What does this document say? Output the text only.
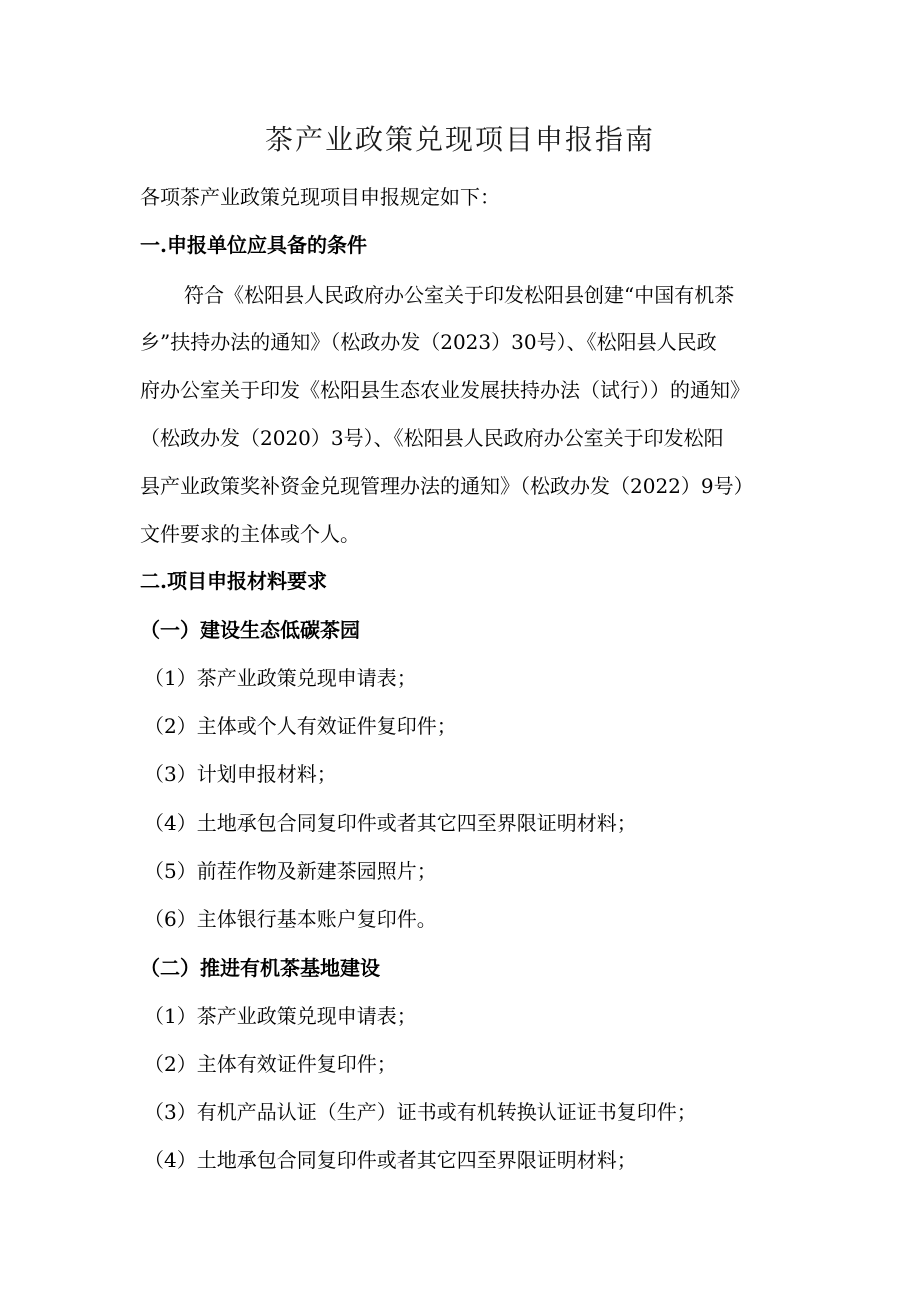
茶产业政策兑现项目申报指南
各项茶产业政策兑现项目申报规定如下：
一.申报单位应具备的条件
符合《松阳县人民政府办公室关于印发松阳县创建“中国有机茶
乡”扶持办法的通知》（松政办发（2023）30号）、《松阳县人民政
府办公室关于印发《松阳县生态农业发展扶持办法（试行））的通知》
（松政办发（2020）3号）、《松阳县人民政府办公室关于印发松阳
县产业政策奖补资金兑现管理办法的通知》（松政办发（2022）9号）
文件要求的主体或个人。
二.项目申报材料要求
（一）建设生态低碳茶园
（1）茶产业政策兑现申请表；
（2）主体或个人有效证件复印件；
（3）计划申报材料；
（4）土地承包合同复印件或者其它四至界限证明材料；
（5）前茬作物及新建茶园照片；
（6）主体银行基本账户复印件。
（二）推进有机茶基地建设
（1）茶产业政策兑现申请表；
（2）主体有效证件复印件；
（3）有机产品认证（生产）证书或有机转换认证证书复印件；
（4）土地承包合同复印件或者其它四至界限证明材料；
